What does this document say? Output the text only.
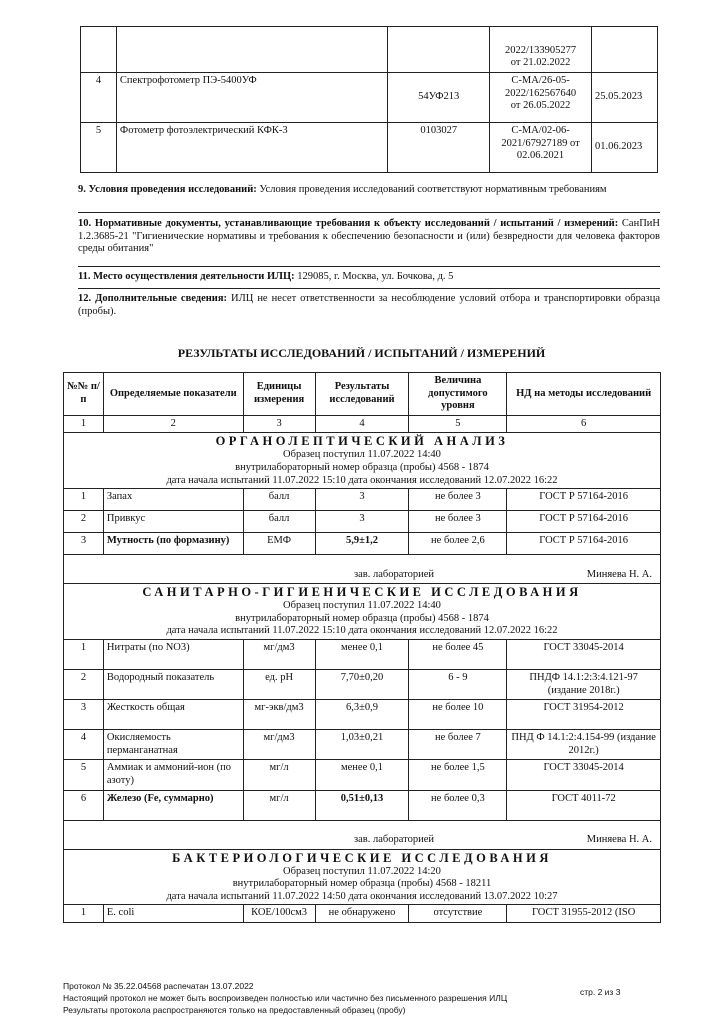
			2022/133905277
от 21.02.2022	
4	Спектрофотометр ПЭ-5400УФ	54УФ213	С-МА/26-05-
2022/162567640
от 26.05.2022	25.05.2023
5	Фотометр фотоэлектрический КФК-3	0103027	С-МА/02-06-
2021/67927189 от
02.06.2021	01.06.2023
9. Условия проведения исследований: Условия проведения исследований соответствуют нормативным требованиям
10. Нормативные документы, устанавливающие требования к объекту исследований / испытаний / измерений: СанПиН 1.2.3685-21 "Гигиенические нормативы и требования к обеспечению безопасности и (или) безвредности для человека факторов среды обитания"
11. Место осуществления деятельности ИЛЦ: 129085, г. Москва, ул. Бочкова, д. 5
12. Дополнительные сведения: ИЛЦ не несет ответственности за несоблюдение условий отбора и транспортировки образца (пробы).
РЕЗУЛЬТАТЫ ИССЛЕДОВАНИЙ / ИСПЫТАНИЙ / ИЗМЕРЕНИЙ
№№ п/п	Определяемые показатели	Единицы измерения	Результаты исследований	Величина допустимого уровня	НД на методы исследований
1	2	3	4	5	6

ОРГАНОЛЕПТИЧЕСКИЙ АНАЛИЗ
Образец поступил 11.07.2022 14:40
внутрилабораторный номер образца (пробы) 4568 - 1874
дата начала испытаний 11.07.2022 15:10 дата окончания исследований 12.07.2022 16:22					

1	Запах	балл	3	не более 3	ГОСТ Р 57164-2016
2	Привкус	балл	3	не более 3	ГОСТ Р 57164-2016
3	Мутность (по формазину)	ЕМФ	5,9±1,2	не более 2,6	ГОСТ Р 57164-2016

зав. лабораторией Миняева Н. А.					

САНИТАРНО-ГИГИЕНИЧЕСКИЕ ИССЛЕДОВАНИЯ
Образец поступил 11.07.2022 14:40
внутрилабораторный номер образца (пробы) 4568 - 1874
дата начала испытаний 11.07.2022 15:10 дата окончания исследований 12.07.2022 16:22					

1	Нитраты (по NO3)	мг/дм3	менее 0,1	не более 45	ГОСТ 33045-2014
2	Водородный показатель	ед. pH	7,70±0,20	6 - 9	ПНДФ 14.1:2:3:4.121-97 (издание 2018г.)
3	Жесткость общая	мг-экв/дм3	6,3±0,9	не более 10	ГОСТ 31954-2012
4	Окисляемость перманганатная	мг/дм3	1,03±0,21	не более 7	ПНД Ф 14.1:2:4.154-99 (издание 2012г.)
5	Аммиак и аммоний-ион (по азоту)	мг/л	менее 0,1	не более 1,5	ГОСТ 33045-2014
6	Железо (Fe, суммарно)	мг/л	0,51±0,13	не более 0,3	ГОСТ 4011-72

зав. лабораторией Миняева Н. А.					

БАКТЕРИОЛОГИЧЕСКИЕ ИССЛЕДОВАНИЯ
Образец поступил 11.07.2022 14:20
внутрилабораторный номер образца (пробы) 4568 - 18211
дата начала испытаний 11.07.2022 14:50 дата окончания исследований 13.07.2022 10:27					

1	E. coli	КОЕ/100см3	не обнаружено	отсутствие	ГОСТ 31955-2012 (ISO
Протокол № 35.22.04568 распечатан 13.07.2022
Настоящий протокол не может быть воспроизведен полностью или частично без письменного разрешения ИЛЦ
Результаты протокола распространяются только на предоставленный образец (пробу)
стр. 2 из 3
